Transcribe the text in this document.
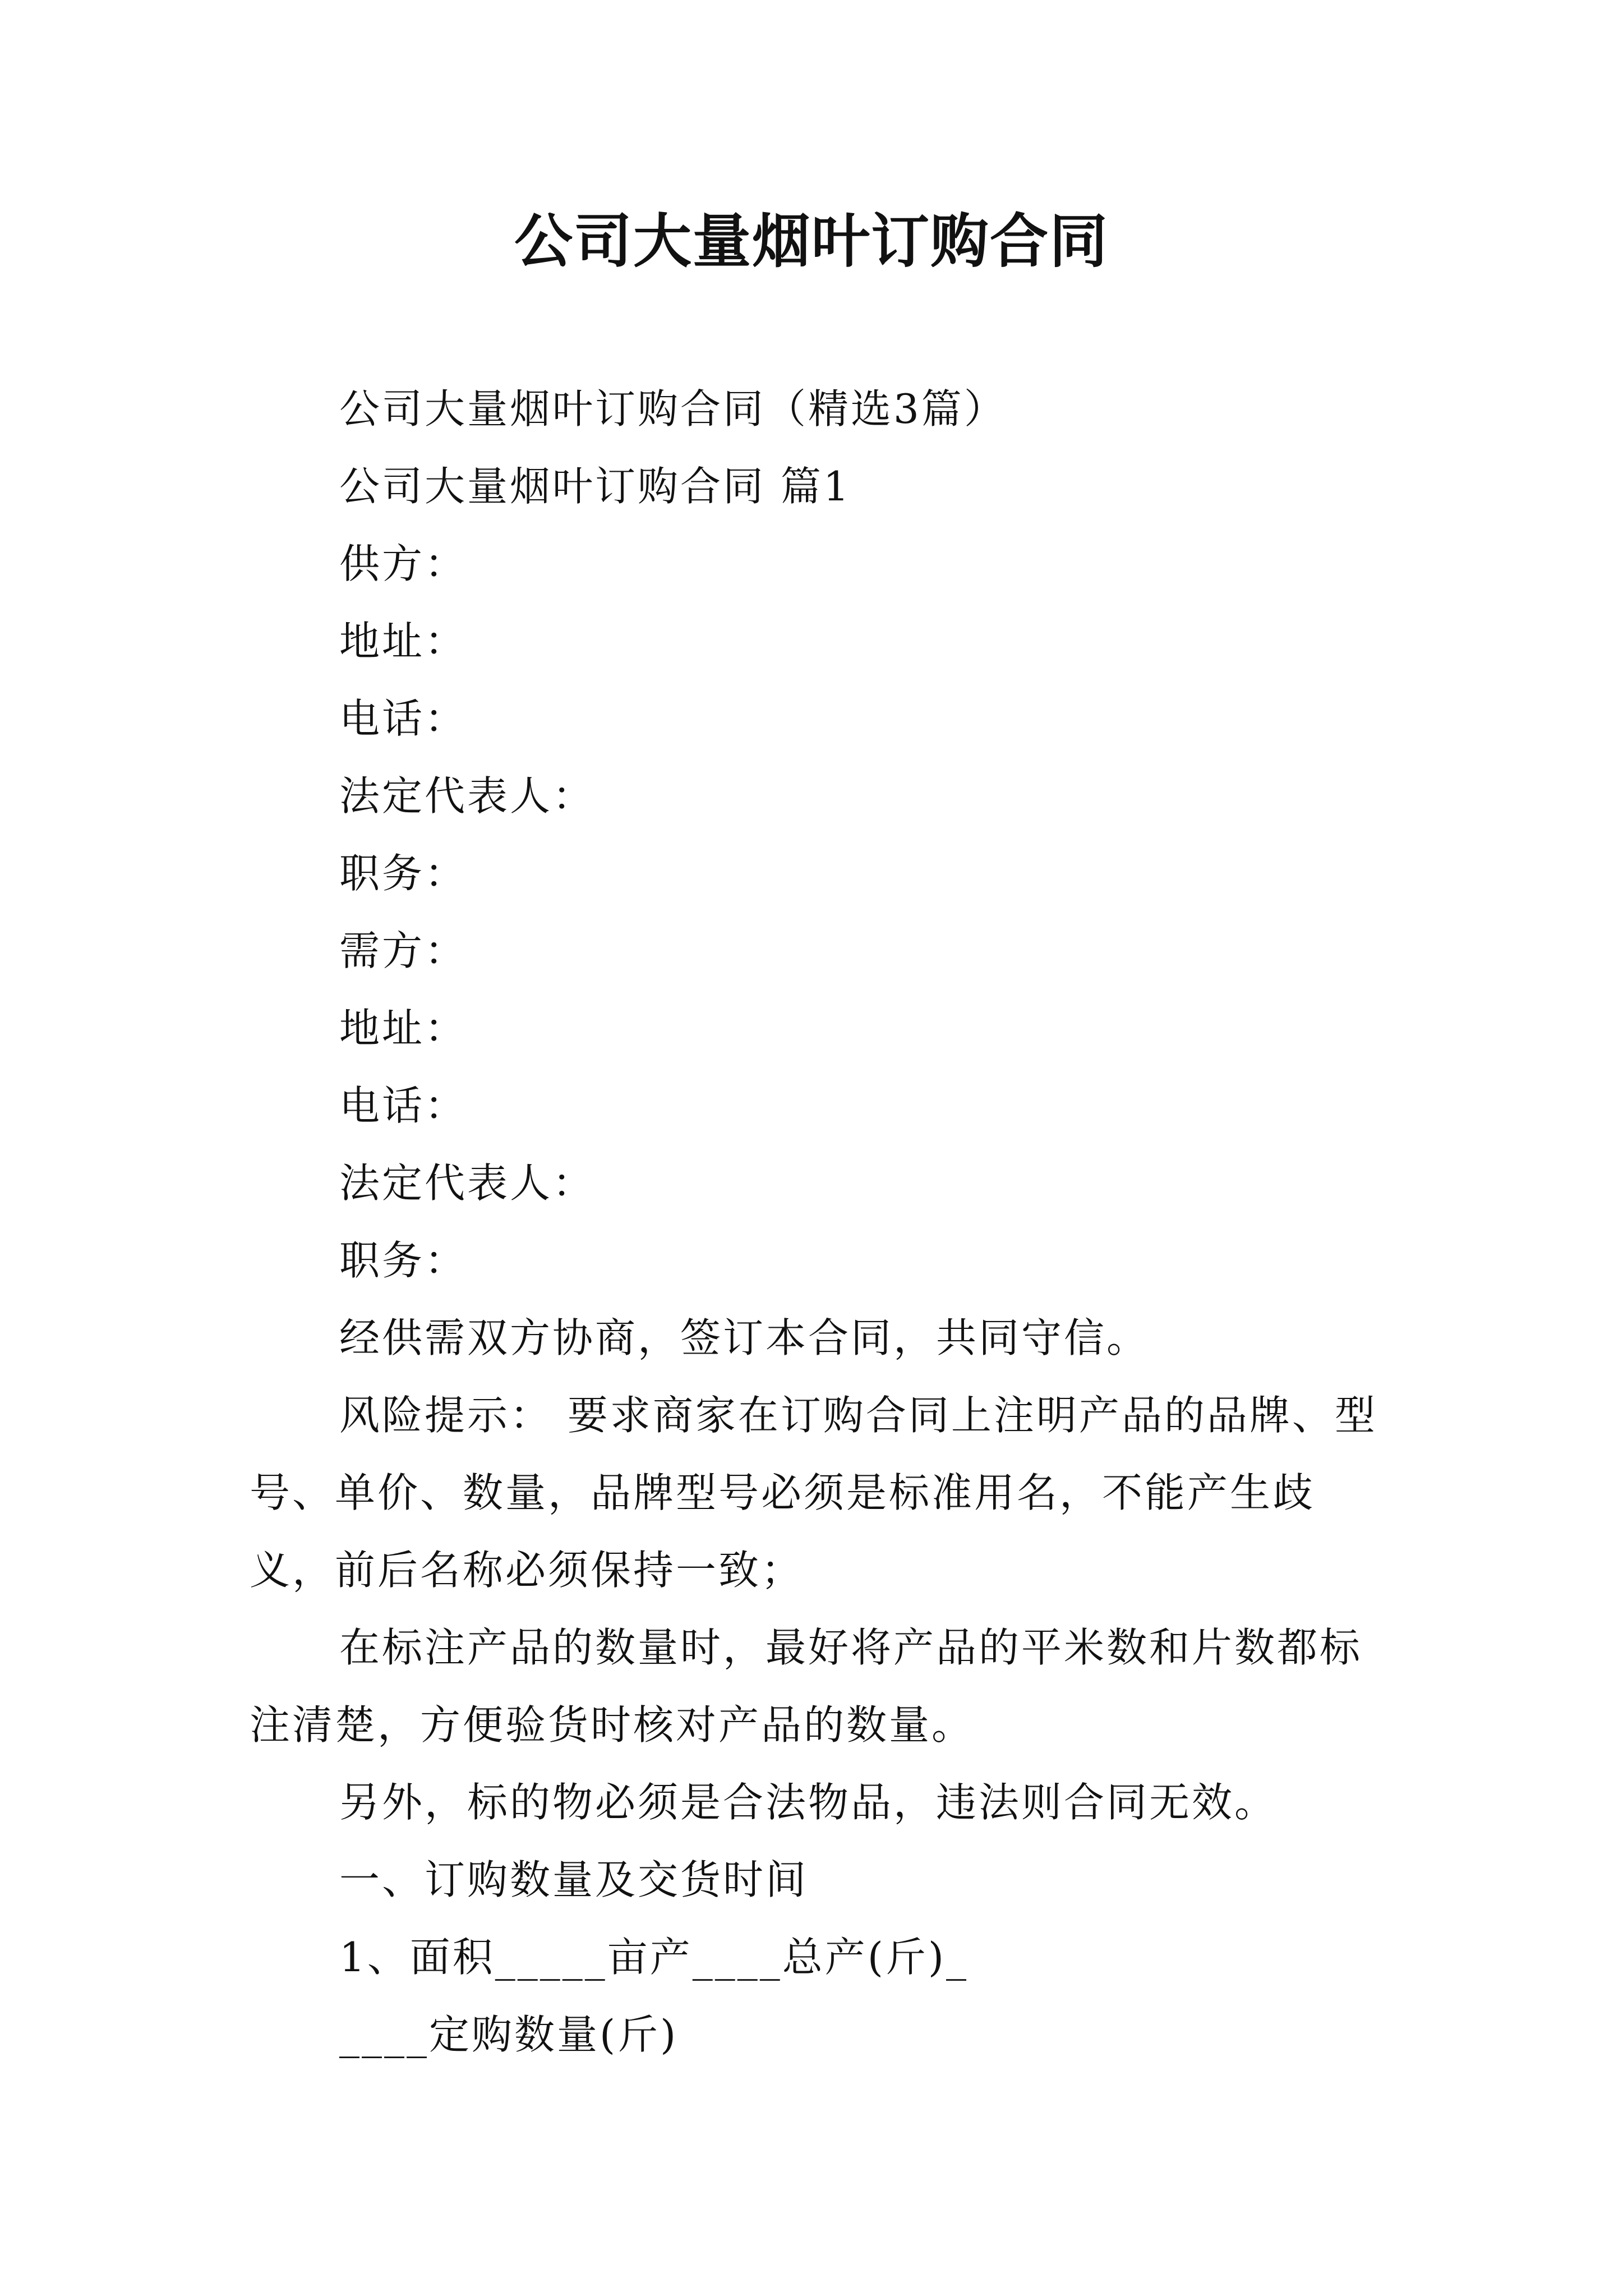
公司大量烟叶订购合同

公司大量烟叶订购合同（精选3篇）

公司大量烟叶订购合同 篇1

供方：

地址：

电话：

法定代表人：

职务：

需方：

地址：

电话：

法定代表人：

职务：

经供需双方协商，签订本合同，共同守信。

风险提示： 要求商家在订购合同上注明产品的品牌、型号、单价、数量，品牌型号必须是标准用名，不能产生歧义，前后名称必须保持一致；

在标注产品的数量时，最好将产品的平米数和片数都标注清楚，方便验货时核对产品的数量。

另外，标的物必须是合法物品，违法则合同无效。

一、订购数量及交货时间

1、面积_____亩产____总产(斤)_

____定购数量(斤)
